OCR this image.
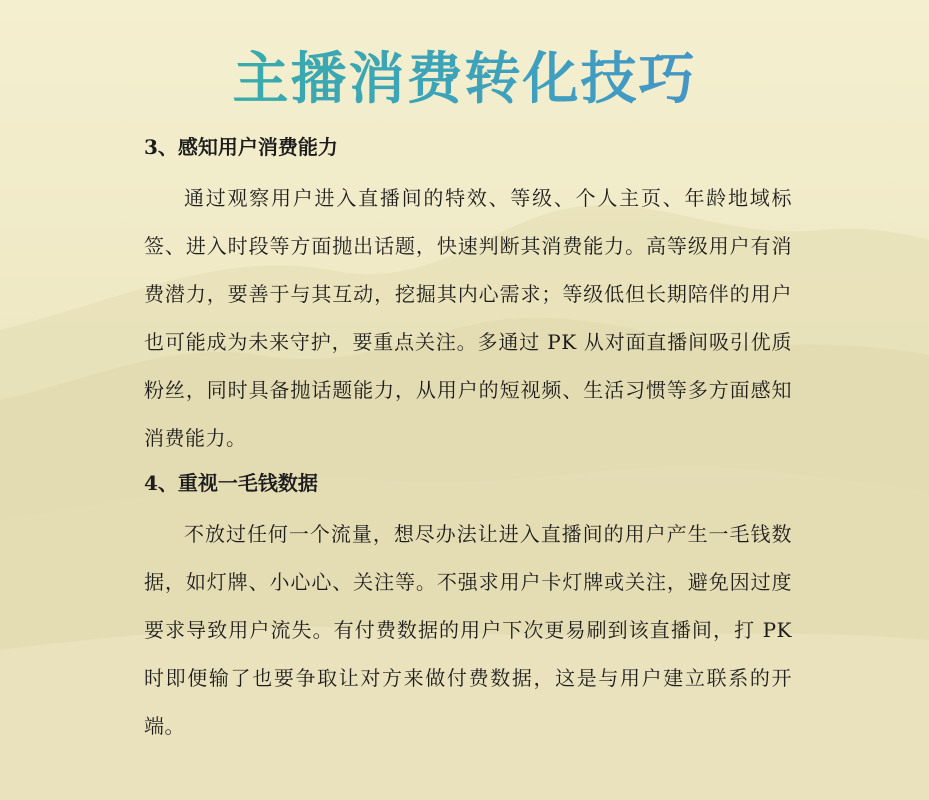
主播消费转化技巧
3、感知用户消费能力

通过观察用户进入直播间的特效、等级、个人主页、年龄地域标签、进入时段等方面抛出话题，快速判断其消费能力。高等级用户有消费潜力，要善于与其互动，挖掘其内心需求；等级低但长期陪伴的用户也可能成为未来守护，要重点关注。多通过 PK 从对面直播间吸引优质粉丝，同时具备抛话题能力，从用户的短视频、生活习惯等多方面感知消费能力。

4、重视一毛钱数据

不放过任何一个流量，想尽办法让进入直播间的用户产生一毛钱数据，如灯牌、小心心、关注等。不强求用户卡灯牌或关注，避免因过度要求导致用户流失。有付费数据的用户下次更易刷到该直播间，打 PK 时即便输了也要争取让对方来做付费数据，这是与用户建立联系的开端。
